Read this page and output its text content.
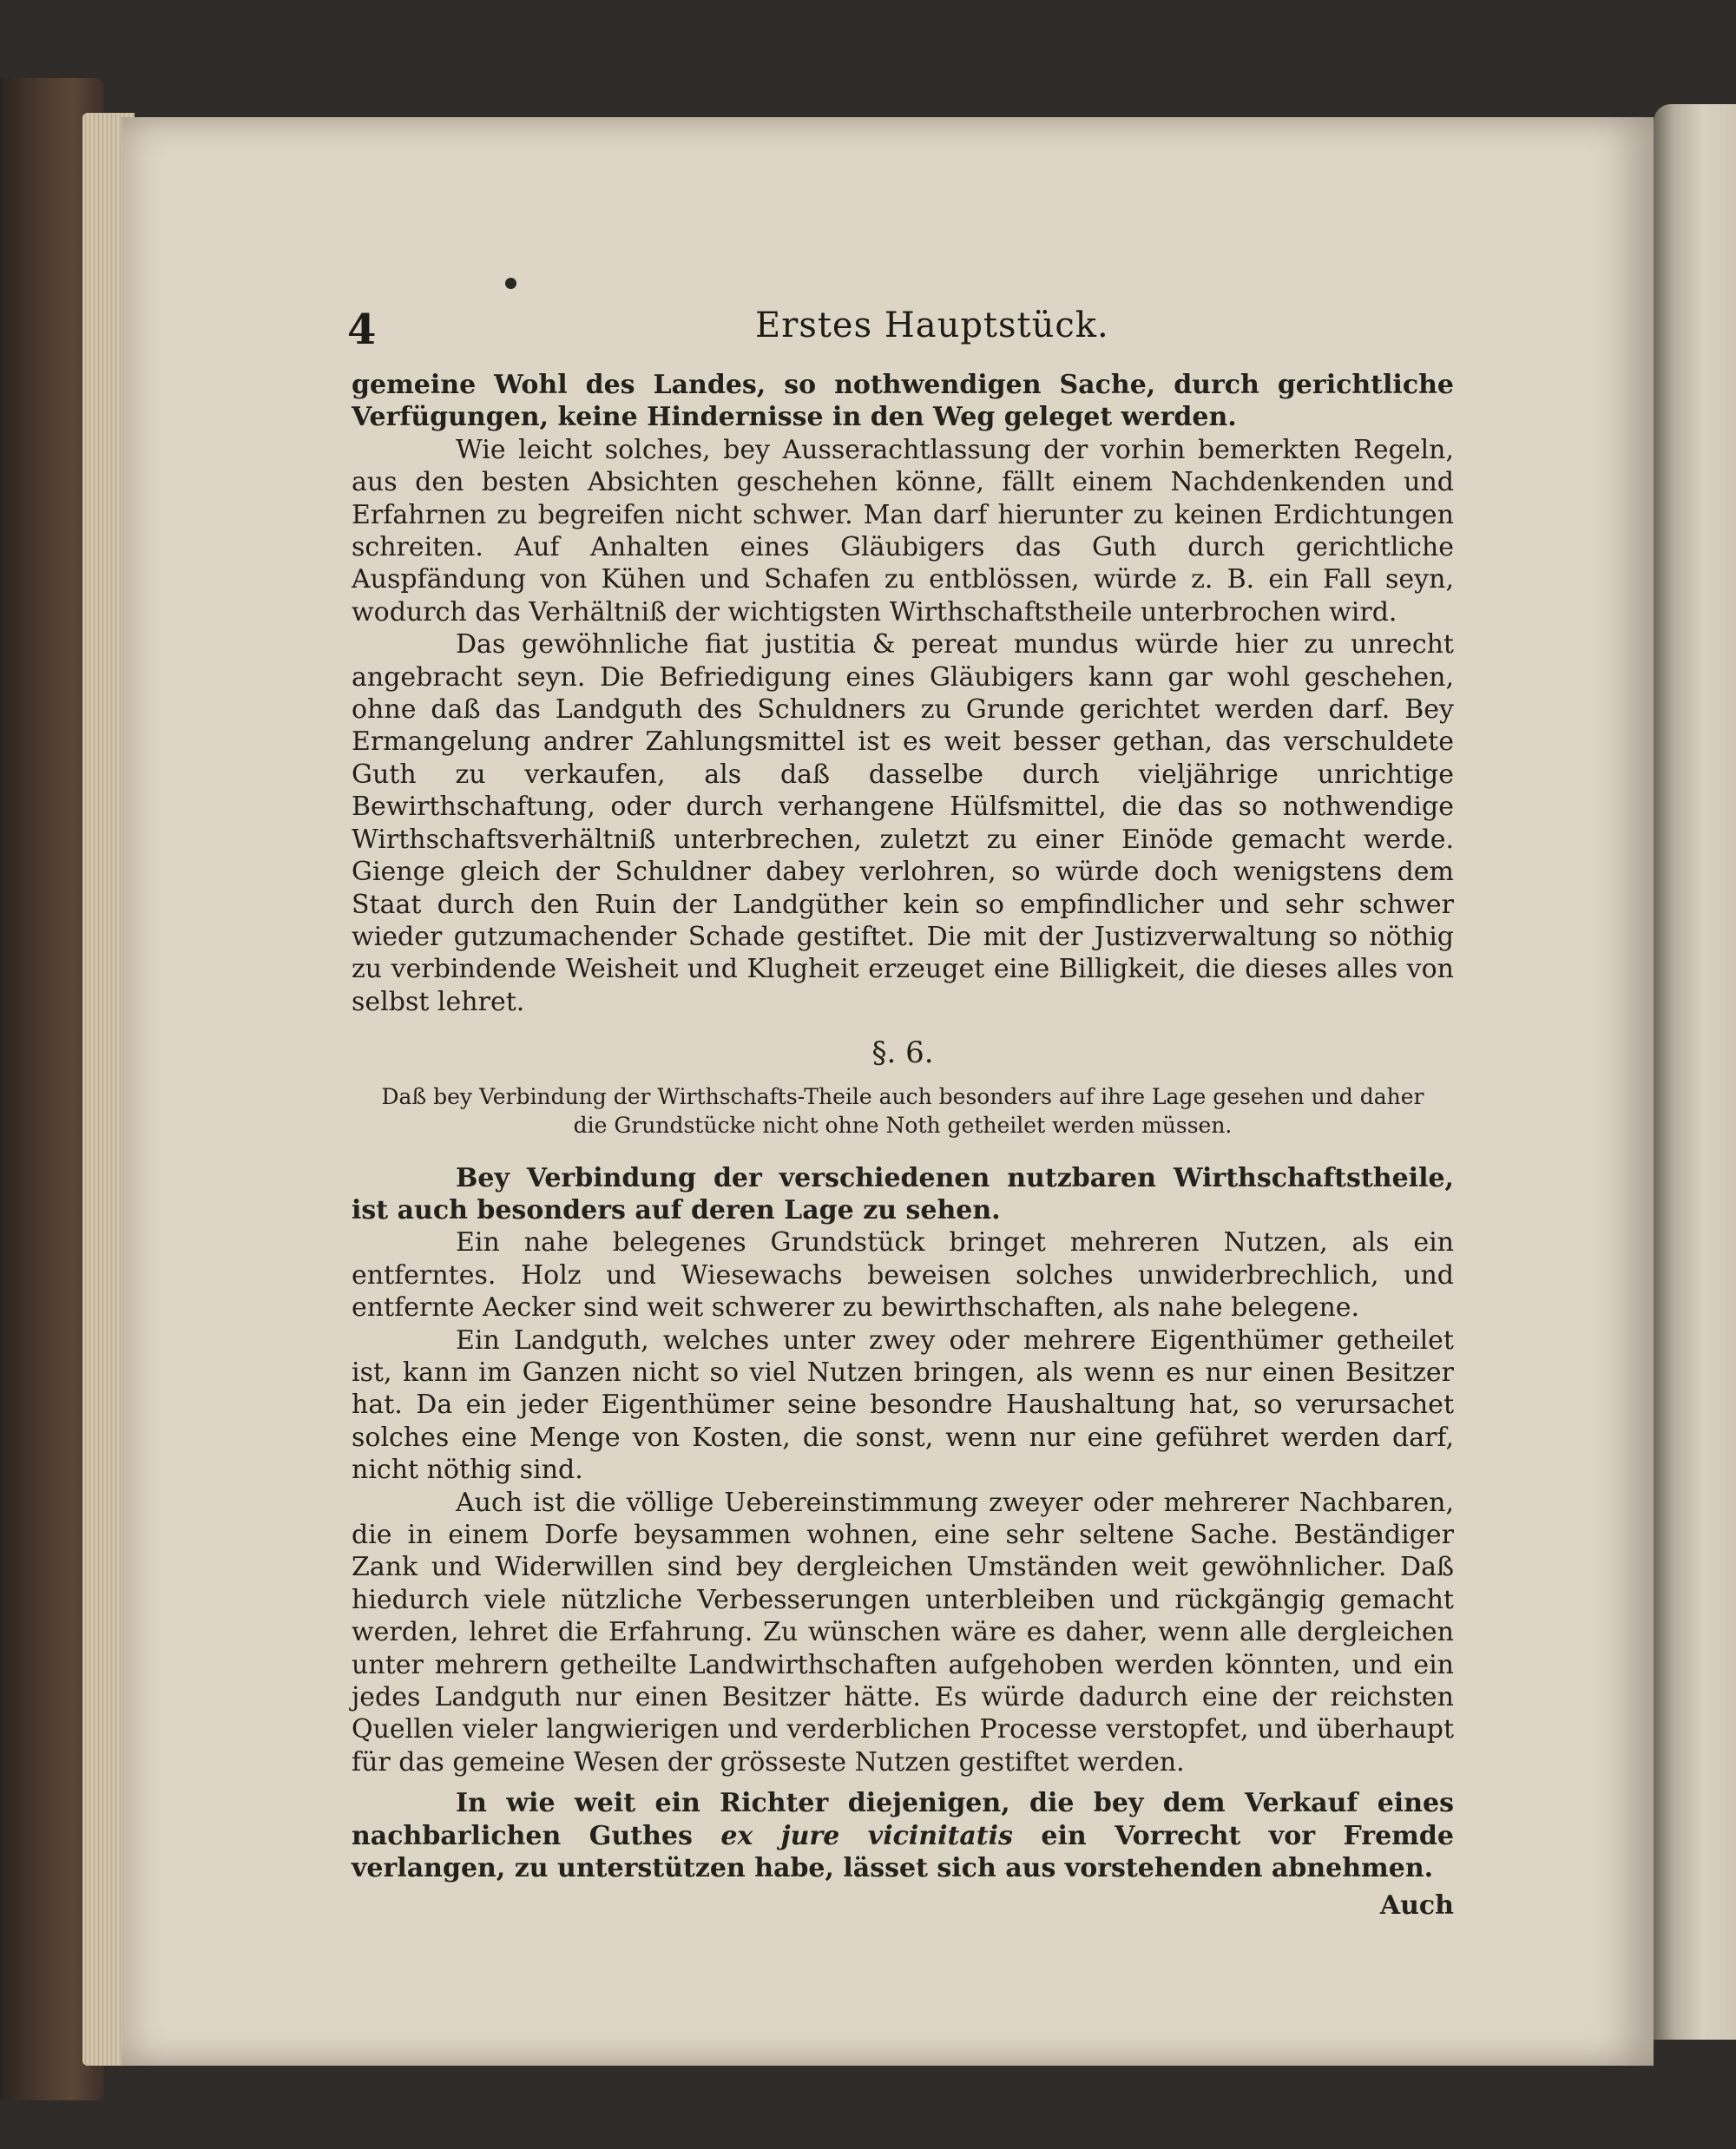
4	Erstes Hauptstück.

gemeine Wohl des Landes, so nothwendigen Sache, durch gerichtliche Verfügungen, keine Hindernisse in den Weg geleget werden.

Wie leicht solches, bey Ausserachtlassung der vorhin bemerkten Regeln, aus den besten Absichten geschehen könne, fällt einem Nachdenkenden und Erfahrnen zu begreifen nicht schwer. Man darf hierunter zu keinen Erdichtungen schreiten. Auf Anhalten eines Gläubigers das Guth durch gerichtliche Auspfändung von Kühen und Schafen zu entblössen, würde z. B. ein Fall seyn, wodurch das Verhältniß der wichtigsten Wirthschaftstheile unterbrochen wird.

Das gewöhnliche fiat justitia & pereat mundus würde hier zu unrecht angebracht seyn. Die Befriedigung eines Gläubigers kann gar wohl geschehen, ohne daß das Landguth des Schuldners zu Grunde gerichtet werden darf. Bey Ermangelung andrer Zahlungsmittel ist es weit besser gethan, das verschuldete Guth zu verkaufen, als daß dasselbe durch vieljährige unrichtige Bewirthschaftung, oder durch verhangene Hülfsmittel, die das so nothwendige Wirthschaftsverhältniß unterbrechen, zuletzt zu einer Einöde gemacht werde. Gienge gleich der Schuldner dabey verlohren, so würde doch wenigstens dem Staat durch den Ruin der Landgüther kein so empfindlicher und sehr schwer wieder gutzumachender Schade gestiftet. Die mit der Justizverwaltung so nöthig zu verbindende Weisheit und Klugheit erzeuget eine Billigkeit, die dieses alles von selbst lehret.

§. 6.
Daß bey Verbindung der Wirthschafts-Theile auch besonders auf ihre Lage gesehen und daher die Grundstücke nicht ohne Noth getheilet werden müssen.

Bey Verbindung der verschiedenen nutzbaren Wirthschaftstheile, ist auch besonders auf deren Lage zu sehen.

Ein nahe belegenes Grundstück bringet mehreren Nutzen, als ein entferntes. Holz und Wiesewachs beweisen solches unwiderbrechlich, und entfernte Aecker sind weit schwerer zu bewirthschaften, als nahe belegene.

Ein Landguth, welches unter zwey oder mehrere Eigenthümer getheilet ist, kann im Ganzen nicht so viel Nutzen bringen, als wenn es nur einen Besitzer hat. Da ein jeder Eigenthümer seine besondre Haushaltung hat, so verursachet solches eine Menge von Kosten, die sonst, wenn nur eine geführet werden darf, nicht nöthig sind.

Auch ist die völlige Uebereinstimmung zweyer oder mehrerer Nachbaren, die in einem Dorfe beysammen wohnen, eine sehr seltene Sache. Beständiger Zank und Widerwillen sind bey dergleichen Umständen weit gewöhnlicher. Daß hiedurch viele nützliche Verbesserungen unterbleiben und rückgängig gemacht werden, lehret die Erfahrung. Zu wünschen wäre es daher, wenn alle dergleichen unter mehrern getheilte Landwirthschaften aufgehoben werden könnten, und ein jedes Landguth nur einen Besitzer hätte. Es würde dadurch eine der reichsten Quellen vieler langwierigen und verderblichen Processe verstopfet, und überhaupt für das gemeine Wesen der grösseste Nutzen gestiftet werden.

In wie weit ein Richter diejenigen, die bey dem Verkauf eines nachbarlichen Guthes ex jure vicinitatis ein Vorrecht vor Fremde verlangen, zu unterstützen habe, lässet sich aus vorstehenden abnehmen.

Auch
